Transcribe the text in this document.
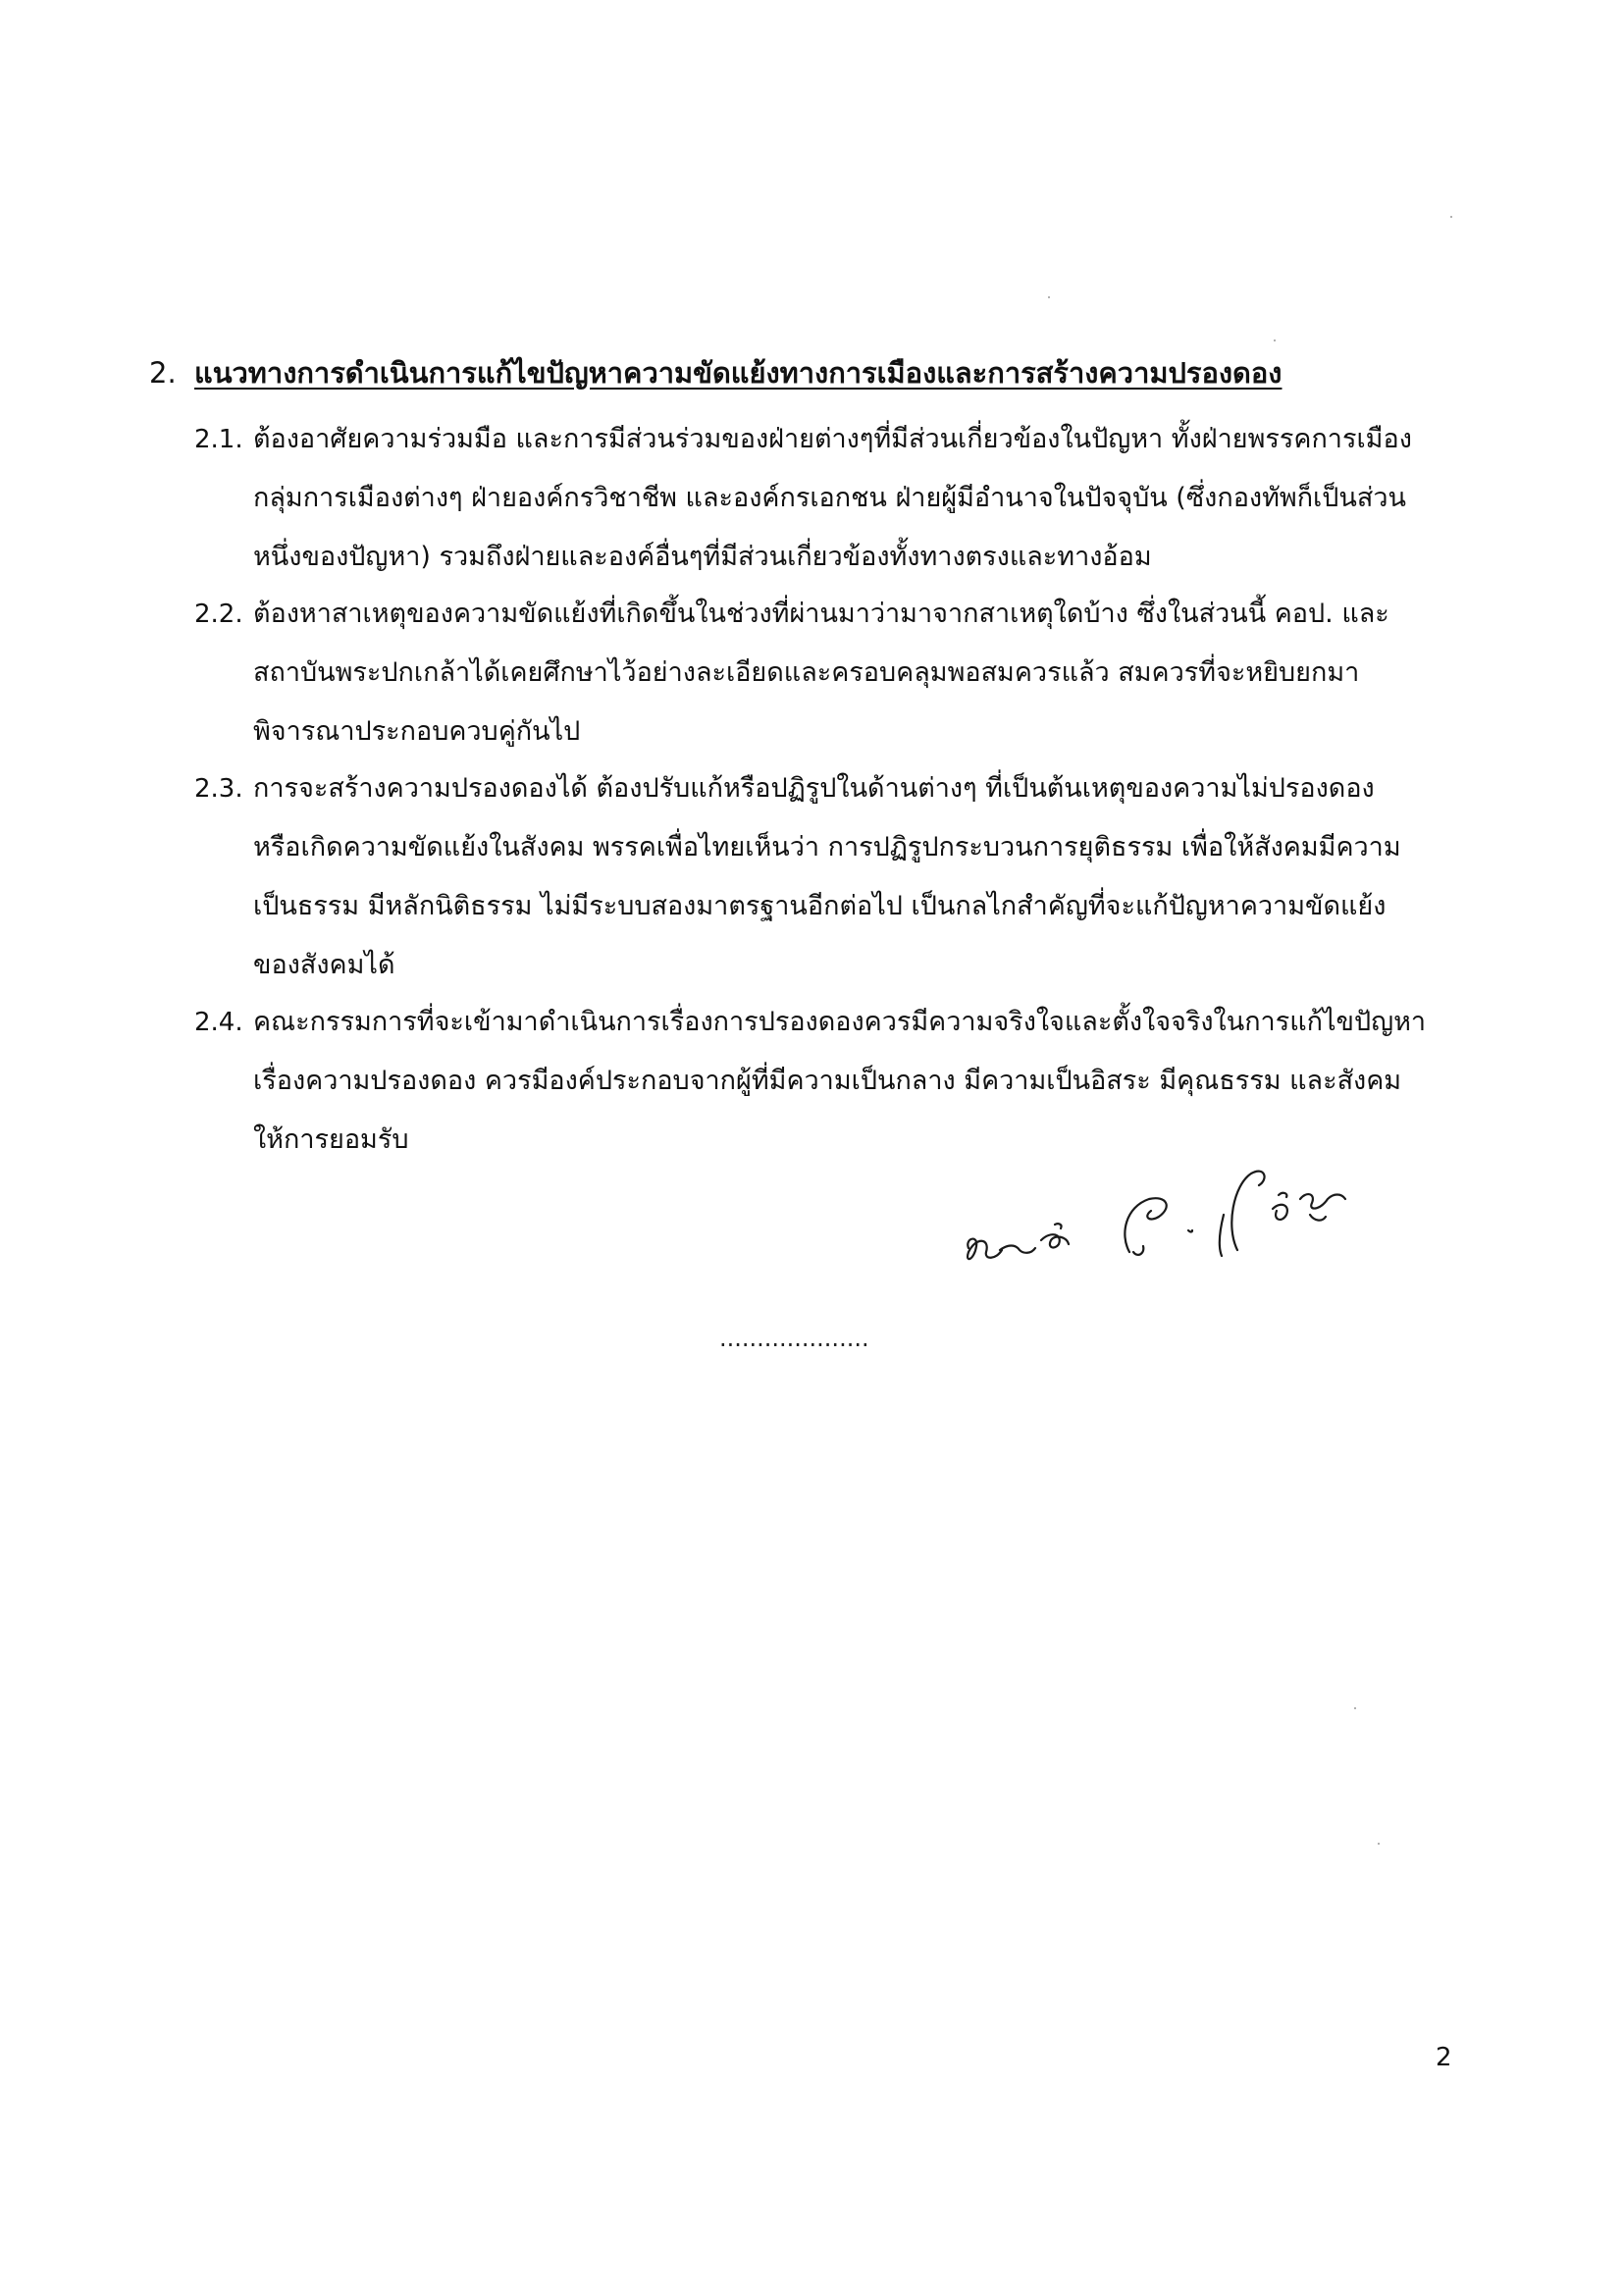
2. แนวทางการดำเนินการแก้ไขปัญหาความขัดแย้งทางการเมืองและการสร้างความปรองดอง
2.1. ต้องอาศัยความร่วมมือ และการมีส่วนร่วมของฝ่ายต่างๆที่มีส่วนเกี่ยวข้องในปัญหา ทั้งฝ่ายพรรคการเมือง
กลุ่มการเมืองต่างๆ ฝ่ายองค์กรวิชาชีพ และองค์กรเอกชน ฝ่ายผู้มีอำนาจในปัจจุบัน (ซึ่งกองทัพก็เป็นส่วน
หนึ่งของปัญหา) รวมถึงฝ่ายและองค์อื่นๆที่มีส่วนเกี่ยวข้องทั้งทางตรงและทางอ้อม
2.2. ต้องหาสาเหตุของความขัดแย้งที่เกิดขึ้นในช่วงที่ผ่านมาว่ามาจากสาเหตุใดบ้าง ซึ่งในส่วนนี้ คอป. และ
สถาบันพระปกเกล้าได้เคยศึกษาไว้อย่างละเอียดและครอบคลุมพอสมควรแล้ว สมควรที่จะหยิบยกมา
พิจารณาประกอบควบคู่กันไป
2.3. การจะสร้างความปรองดองได้ ต้องปรับแก้หรือปฏิรูปในด้านต่างๆ ที่เป็นต้นเหตุของความไม่ปรองดอง
หรือเกิดความขัดแย้งในสังคม พรรคเพื่อไทยเห็นว่า การปฏิรูปกระบวนการยุติธรรม เพื่อให้สังคมมีความ
เป็นธรรม มีหลักนิติธรรม ไม่มีระบบสองมาตรฐานอีกต่อไป เป็นกลไกสำคัญที่จะแก้ปัญหาความขัดแย้ง
ของสังคมได้
2.4. คณะกรรมการที่จะเข้ามาดำเนินการเรื่องการปรองดองควรมีความจริงใจและตั้งใจจริงในการแก้ไขปัญหา
เรื่องความปรองดอง ควรมีองค์ประกอบจากผู้ที่มีความเป็นกลาง มีความเป็นอิสระ มีคุณธรรม และสังคม
ให้การยอมรับ
....................
2
